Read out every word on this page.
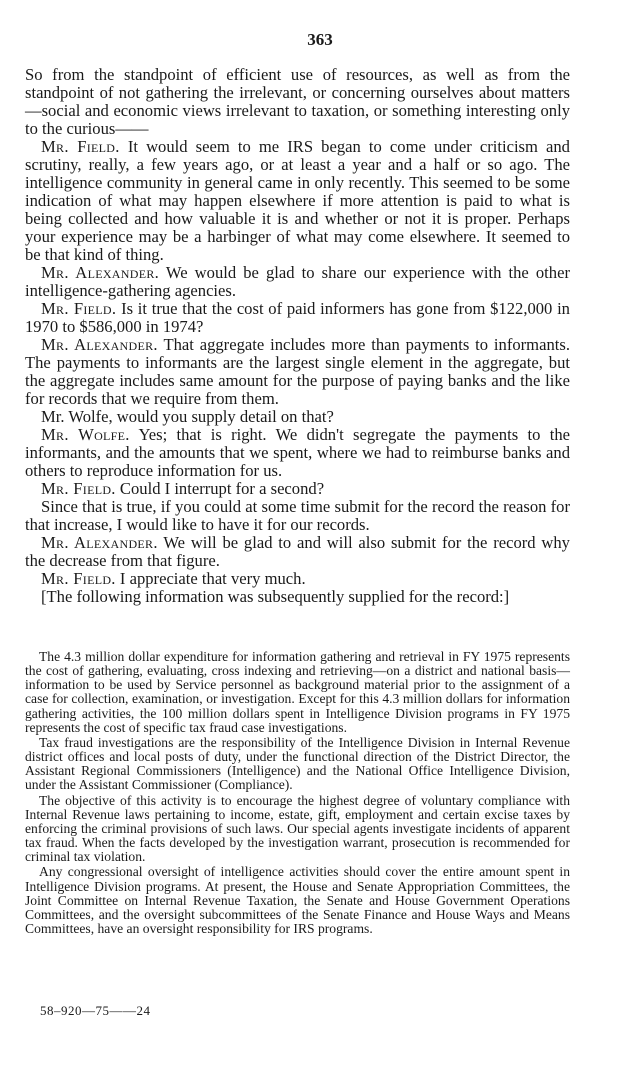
363

So from the standpoint of efficient use of resources, as well as from the standpoint of not gathering the irrelevant, or concerning ourselves about matters—social and economic views irrelevant to taxation, or something interesting only to the curious——

Mr. Field. It would seem to me IRS began to come under criticism and scrutiny, really, a few years ago, or at least a year and a half or so ago. The intelligence community in general came in only recently. This seemed to be some indication of what may happen elsewhere if more attention is paid to what is being collected and how valuable it is and whether or not it is proper. Perhaps your experience may be a harbinger of what may come elsewhere. It seemed to be that kind of thing.

Mr. Alexander. We would be glad to share our experience with the other intelligence-gathering agencies.

Mr. Field. Is it true that the cost of paid informers has gone from $122,000 in 1970 to $586,000 in 1974?

Mr. Alexander. That aggregate includes more than payments to informants. The payments to informants are the largest single element in the aggregate, but the aggregate includes same amount for the purpose of paying banks and the like for records that we require from them.

Mr. Wolfe, would you supply detail on that?

Mr. Wolfe. Yes; that is right. We didn't segregate the payments to the informants, and the amounts that we spent, where we had to reimburse banks and others to reproduce information for us.

Mr. Field. Could I interrupt for a second?

Since that is true, if you could at some time submit for the record the reason for that increase, I would like to have it for our records.

Mr. Alexander. We will be glad to and will also submit for the record why the decrease from that figure.

Mr. Field. I appreciate that very much.

[The following information was subsequently supplied for the record:]

The 4.3 million dollar expenditure for information gathering and retrieval in FY 1975 represents the cost of gathering, evaluating, cross indexing and retrieving—on a district and national basis—information to be used by Service personnel as background material prior to the assignment of a case for collection, examination, or investigation. Except for this 4.3 million dollars for information gathering activities, the 100 million dollars spent in Intelligence Division programs in FY 1975 represents the cost of specific tax fraud case investigations.

Tax fraud investigations are the responsibility of the Intelligence Division in Internal Revenue district offices and local posts of duty, under the functional direction of the District Director, the Assistant Regional Commissioners (Intelligence) and the National Office Intelligence Division, under the Assistant Commissioner (Compliance).

The objective of this activity is to encourage the highest degree of voluntary compliance with Internal Revenue laws pertaining to income, estate, gift, employment and certain excise taxes by enforcing the criminal provisions of such laws. Our special agents investigate incidents of apparent tax fraud. When the facts developed by the investigation warrant, prosecution is recommended for criminal tax violation.

Any congressional oversight of intelligence activities should cover the entire amount spent in Intelligence Division programs. At present, the House and Senate Appropriation Committees, the Joint Committee on Internal Revenue Taxation, the Senate and House Government Operations Committees, and the oversight subcommittees of the Senate Finance and House Ways and Means Committees, have an oversight responsibility for IRS programs.

58–920—75——24
